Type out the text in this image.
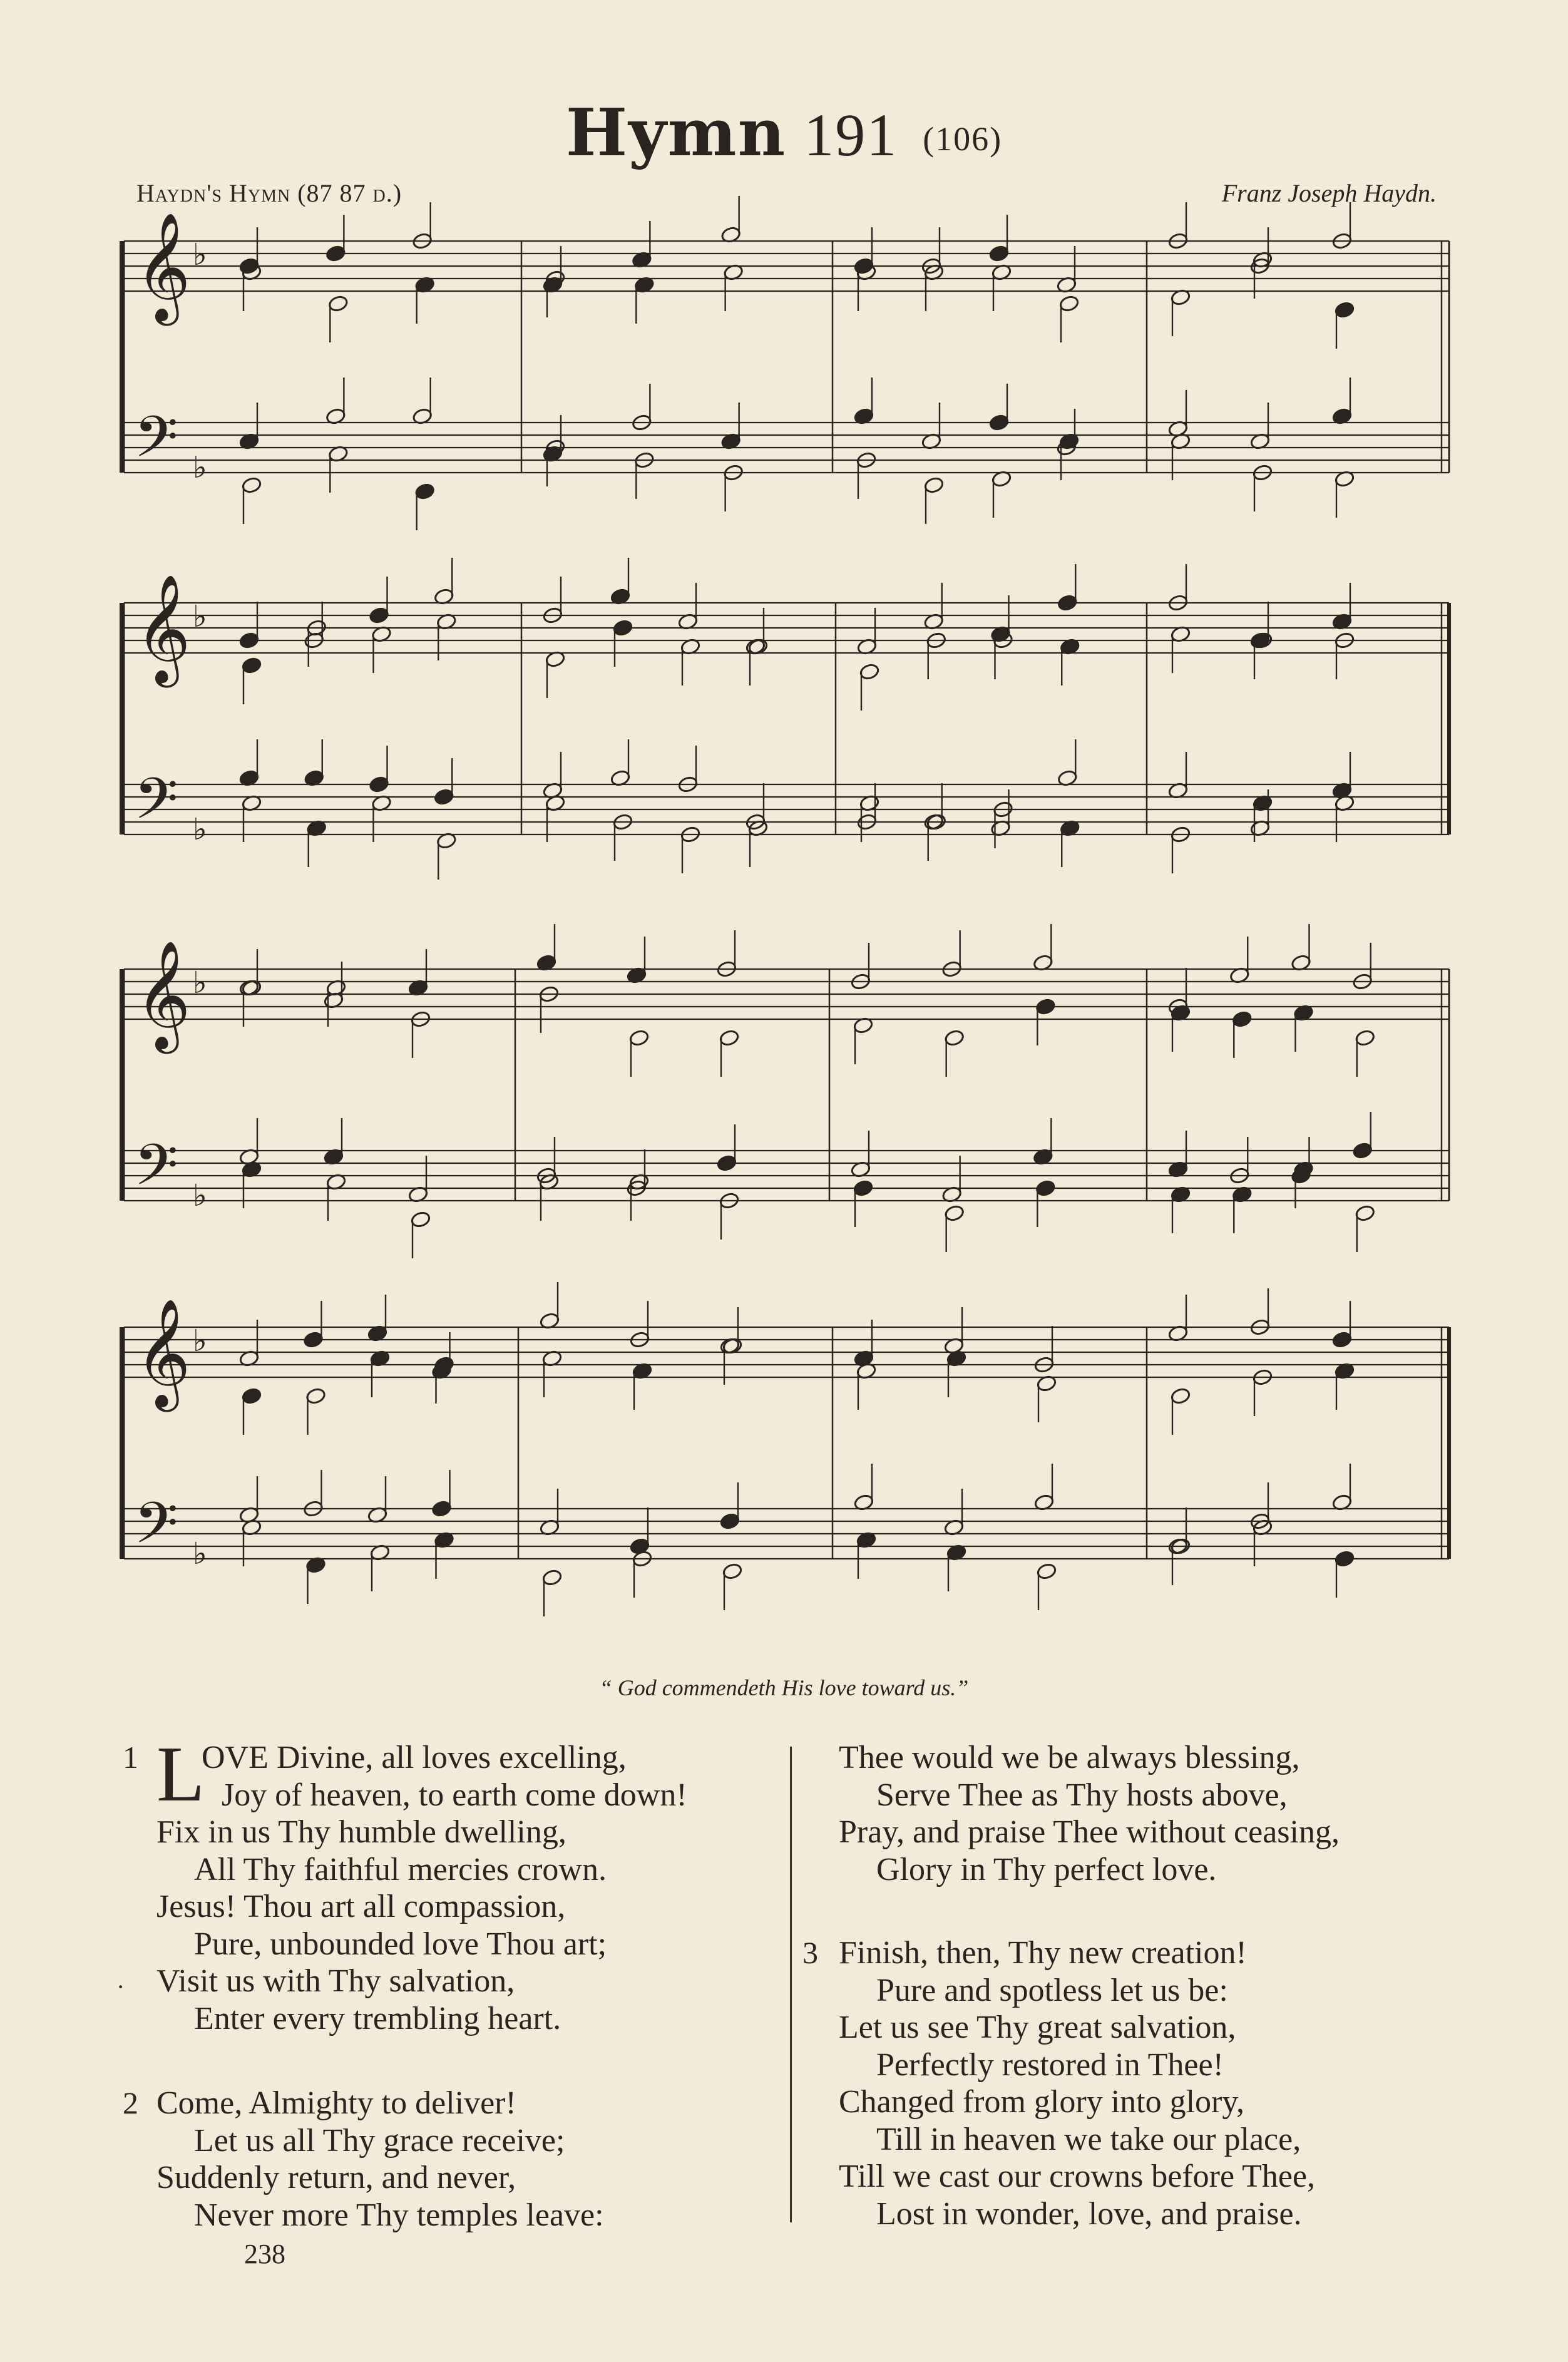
Hymn 191 (106)
Haydn's Hymn (87 87 d.)	Franz Joseph Haydn.
♭
𝄞
♭
𝄢
♭
𝄞
♭
𝄢
♭
𝄞
♭
𝄢
♭
𝄞
♭
𝄢
“ God commendeth His love toward us.”
1 L
OVE Divine, all loves excelling,
Joy of heaven, to earth come down!
Fix in us Thy humble dwelling,
All Thy faithful mercies crown.
Jesus! Thou art all compassion,
Pure, unbounded love Thou art;
Visit us with Thy salvation,
Enter every trembling heart.
·
2 Come, Almighty to deliver!
Let us all Thy grace receive;
Suddenly return, and never,
Never more Thy temples leave:
Thee would we be always blessing,
Serve Thee as Thy hosts above,
Pray, and praise Thee without ceasing,
Glory in Thy perfect love.
3 Finish, then, Thy new creation!
Pure and spotless let us be:
Let us see Thy great salvation,
Perfectly restored in Thee!
Changed from glory into glory,
Till in heaven we take our place,
Till we cast our crowns before Thee,
Lost in wonder, love, and praise.
238
